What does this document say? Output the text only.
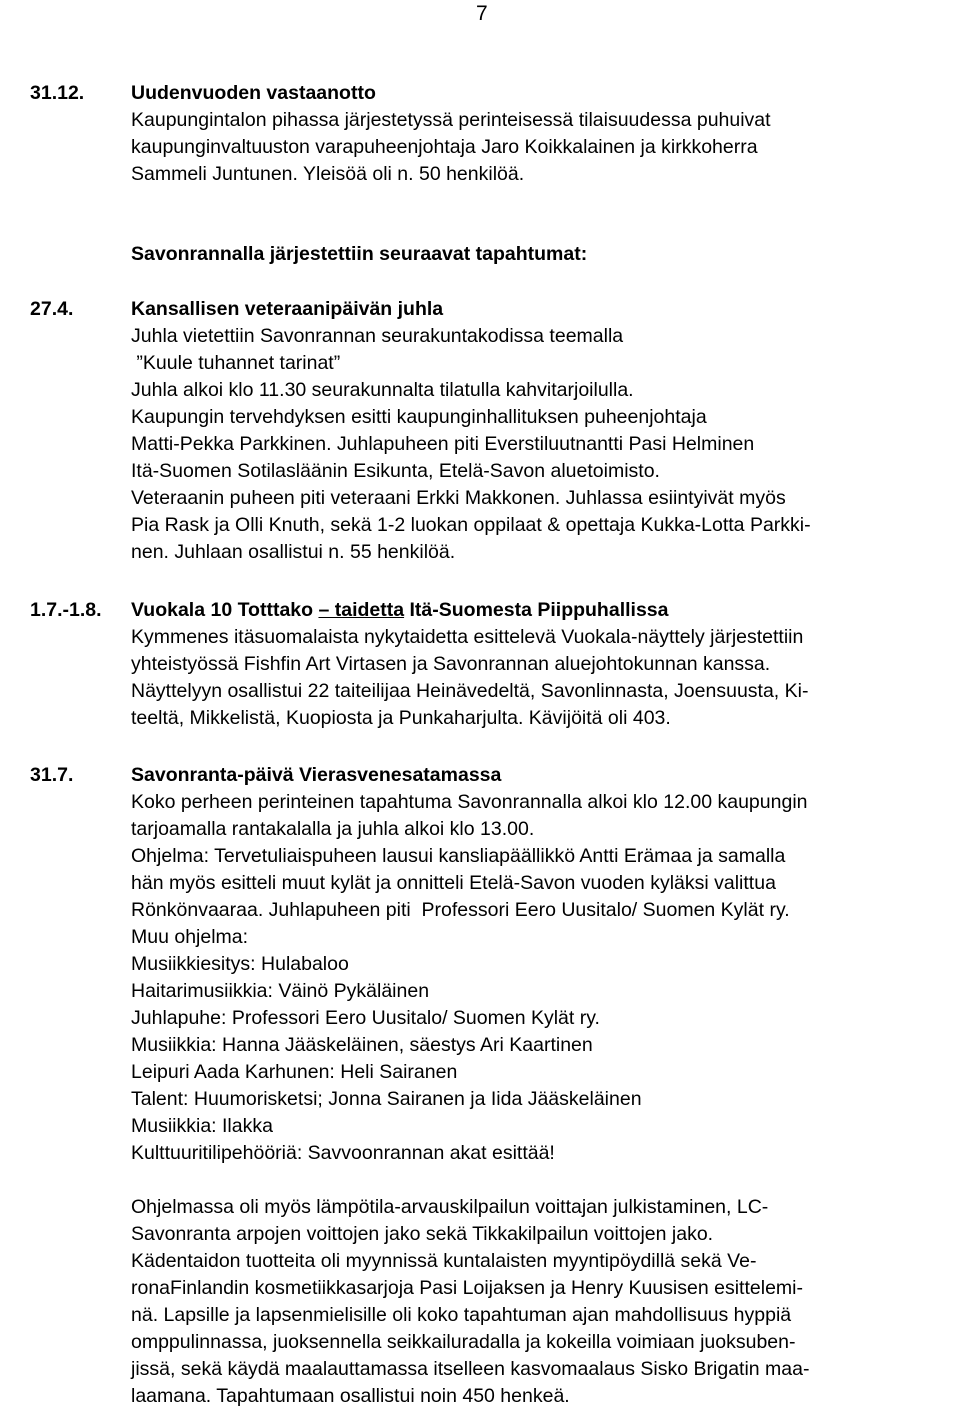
7
31.12. Uudenvuoden vastaanotto
Kaupungintalon pihassa järjestetyssä perinteisessä tilaisuudessa puhuivat
kaupunginvaltuuston varapuheenjohtaja Jaro Koikkalainen ja kirkkoherra
Sammeli Juntunen. Yleisöä oli n. 50 henkilöä.
Savonrannalla järjestettiin seuraavat tapahtumat:
27.4.	Kansallisen veteraanipäivän juhla
Juhla vietettiin Savonrannan seurakuntakodissa teemalla
”Kuule tuhannet tarinat”
Juhla alkoi klo 11.30 seurakunnalta tilatulla kahvitarjoilulla.
Kaupungin tervehdyksen esitti kaupunginhallituksen puheenjohtaja
Matti-Pekka Parkkinen. Juhlapuheen piti Everstiluutnantti Pasi Helminen
Itä-Suomen Sotilasläänin Esikunta, Etelä-Savon aluetoimisto.
Veteraanin puheen piti veteraani Erkki Makkonen. Juhlassa esiintyivät myös
Pia Rask ja Olli Knuth, sekä 1-2 luokan oppilaat & opettaja Kukka-Lotta Parkki-
nen. Juhlaan osallistui n. 55 henkilöä.
1.7.-1.8. Vuokala 10 Totttako – taidetta Itä-Suomesta Piippuhallissa
Kymmenes itäsuomalaista nykytaidetta esittelevä Vuokala-näyttely järjestettiin
yhteistyössä Fishfin Art Virtasen ja Savonrannan aluejohtokunnan kanssa.
Näyttelyyn osallistui 22 taiteilijaa Heinävedeltä, Savonlinnasta, Joensuusta, Ki-
teeltä, Mikkelistä, Kuopiosta ja Punkaharjulta. Kävijöitä oli 403.
31.7.	Savonranta-päivä Vierasvenesatamassa
Koko perheen perinteinen tapahtuma Savonrannalla alkoi klo 12.00 kaupungin
tarjoamalla rantakalalla ja juhla alkoi klo 13.00.
Ohjelma: Tervetuliaispuheen lausui kansliapäällikkö Antti Erämaa ja samalla
hän myös esitteli muut kylät ja onnitteli Etelä-Savon vuoden kyläksi valittua
Rönkönvaaraa. Juhlapuheen piti  Professori Eero Uusitalo/ Suomen Kylät ry.
Muu ohjelma:
Musiikkiesitys: Hulabaloo
Haitarimusiikkia: Väinö Pykäläinen
Juhlapuhe: Professori Eero Uusitalo/ Suomen Kylät ry.
Musiikkia: Hanna Jääskeläinen, säestys Ari Kaartinen
Leipuri Aada Karhunen: Heli Sairanen
Talent: Huumorisketsi; Jonna Sairanen ja Iida Jääskeläinen
Musiikkia: Ilakka
Kulttuuritilipehööriä: Savvoonrannan akat esittää!
Ohjelmassa oli myös lämpötila-arvauskilpailun voittajan julkistaminen, LC-
Savonranta arpojen voittojen jako sekä Tikkakilpailun voittojen jako.
Kädentaidon tuotteita oli myynnissä kuntalaisten myyntipöydillä sekä Ve-
ronaFinlandin kosmetiikkasarjoja Pasi Loijaksen ja Henry Kuusisen esittelemi-
nä. Lapsille ja lapsenmielisille oli koko tapahtuman ajan mahdollisuus hyppiä
omppulinnassa, juoksennella seikkailuradalla ja kokeilla voimiaan juoksuben-
jissä, sekä käydä maalauttamassa itselleen kasvomaalaus Sisko Brigatin maa-
laamana. Tapahtumaan osallistui noin 450 henkeä.
